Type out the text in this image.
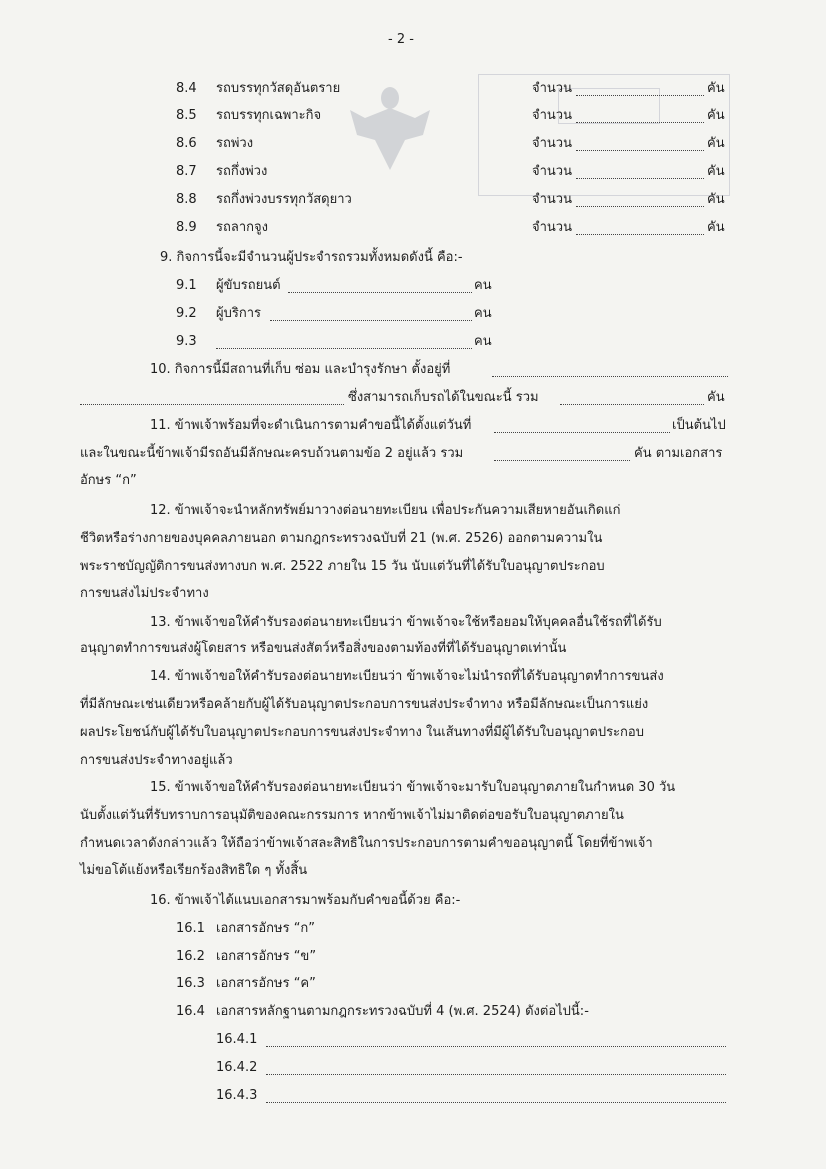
- 2 -
8.4 รถบรรทุกวัสดุอันตราย	จำนวน	คัน
8.5 รถบรรทุกเฉพาะกิจ	จำนวน	คัน
8.6 รถพ่วง	จำนวน	คัน
8.7 รถกึ่งพ่วง	จำนวน	คัน
8.8 รถกึ่งพ่วงบรรทุกวัสดุยาว	จำนวน	คัน
8.9 รถลากจูง	จำนวน	คัน
9. กิจการนี้จะมีจำนวนผู้ประจำรถรวมทั้งหมดดังนี้ คือ:-
9.1 ผู้ขับรถยนต์	คน
9.2 ผู้บริการ	คน
9.3	คน
10. กิจการนี้มีสถานที่เก็บ ซ่อม และบำรุงรักษา ตั้งอยู่ที่
ซึ่งสามารถเก็บรถได้ในขณะนี้ รวม	คัน
11. ข้าพเจ้าพร้อมที่จะดำเนินการตามคำขอนี้ได้ตั้งแต่วันที่	เป็นต้นไป
และในขณะนี้ข้าพเจ้ามีรถอันมีลักษณะครบถ้วนตามข้อ 2 อยู่แล้ว รวม	คัน ตามเอกสาร
อักษร “ก”
12. ข้าพเจ้าจะนำหลักทรัพย์มาวางต่อนายทะเบียน เพื่อประกันความเสียหายอันเกิดแก่
ชีวิตหรือร่างกายของบุคคลภายนอก ตามกฎกระทรวงฉบับที่ 21 (พ.ศ. 2526) ออกตามความใน
พระราชบัญญัติการขนส่งทางบก พ.ศ. 2522 ภายใน 15 วัน นับแต่วันที่ได้รับใบอนุญาตประกอบ
การขนส่งไม่ประจำทาง
13. ข้าพเจ้าขอให้คำรับรองต่อนายทะเบียนว่า ข้าพเจ้าจะใช้หรือยอมให้บุคคลอื่นใช้รถที่ได้รับ
อนุญาตทำการขนส่งผู้โดยสาร หรือขนส่งสัตว์หรือสิ่งของตามท้องที่ที่ได้รับอนุญาตเท่านั้น
14. ข้าพเจ้าขอให้คำรับรองต่อนายทะเบียนว่า ข้าพเจ้าจะไม่นำรถที่ได้รับอนุญาตทำการขนส่ง
ที่มีลักษณะเช่นเดียวหรือคล้ายกับผู้ได้รับอนุญาตประกอบการขนส่งประจำทาง หรือมีลักษณะเป็นการแย่ง
ผลประโยชน์กับผู้ได้รับใบอนุญาตประกอบการขนส่งประจำทาง ในเส้นทางที่มีผู้ได้รับใบอนุญาตประกอบ
การขนส่งประจำทางอยู่แล้ว
15. ข้าพเจ้าขอให้คำรับรองต่อนายทะเบียนว่า ข้าพเจ้าจะมารับใบอนุญาตภายในกำหนด 30 วัน
นับตั้งแต่วันที่รับทราบการอนุมัติของคณะกรรมการ หากข้าพเจ้าไม่มาติดต่อขอรับใบอนุญาตภายใน
กำหนดเวลาดังกล่าวแล้ว ให้ถือว่าข้าพเจ้าสละสิทธิในการประกอบการตามคำขออนุญาตนี้ โดยที่ข้าพเจ้า
ไม่ขอโต้แย้งหรือเรียกร้องสิทธิใด ๆ ทั้งสิ้น
16. ข้าพเจ้าได้แนบเอกสารมาพร้อมกับคำขอนี้ด้วย คือ:-
16.1 เอกสารอักษร “ก”
16.2 เอกสารอักษร “ข”
16.3 เอกสารอักษร “ค”
16.4 เอกสารหลักฐานตามกฎกระทรวงฉบับที่ 4 (พ.ศ. 2524) ดังต่อไปนี้:-
16.4.1
16.4.2
16.4.3
